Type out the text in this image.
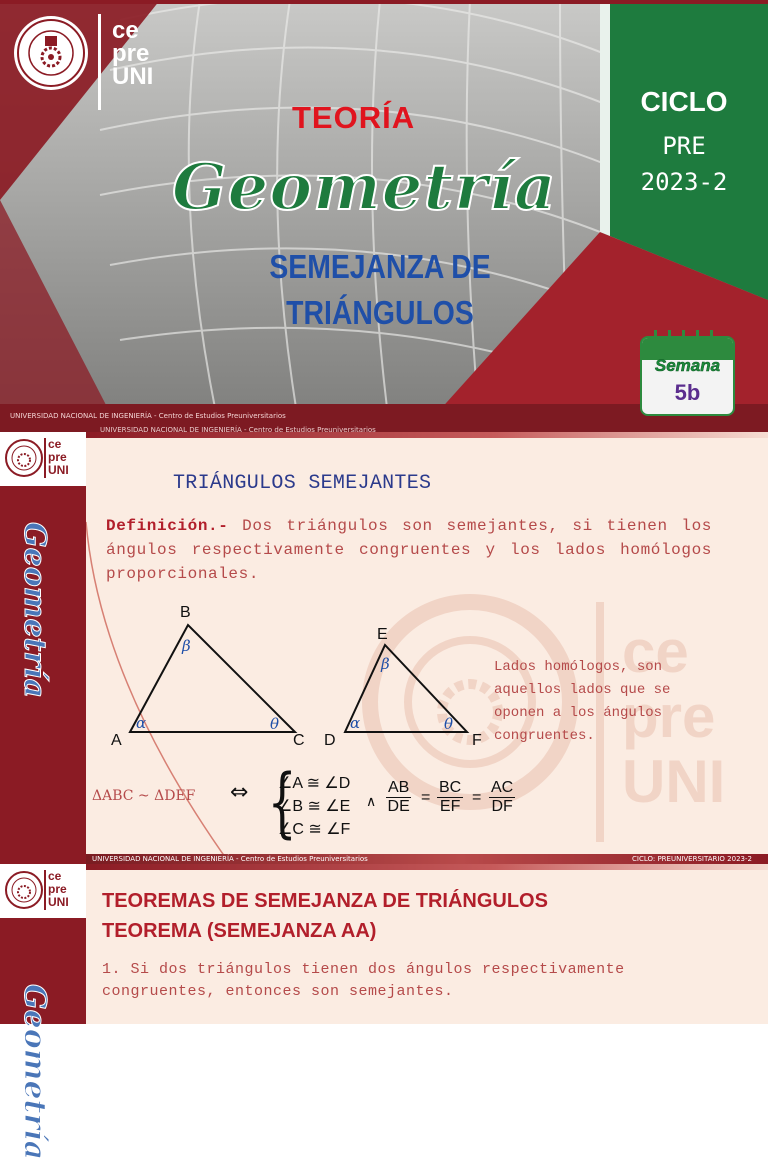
ce
pre
UNI
TEORÍA
Geometría
SEMEJANZA DE
TRIÁNGULOS
CICLO
PRE
2023-2
Semana
5b
UNIVERSIDAD NACIONAL DE INGENIERÍA - Centro de Estudios Preuniversitarios
ce
pre
UNI
ce
pre
UNI
Geometría
UNIVERSIDAD NACIONAL DE INGENIERÍA - Centro de Estudios Preuniversitarios
TRIÁNGULOS SEMEJANTES
Definición.- Dos triángulos son semejantes, si tienen los ángulos respectivamente congruentes y los lados homólogos proporcionales.
B
A	C
β
α	θ
E
D	F
β
α	θ
Lados homólogos, son aquellos lados que se oponen a los ángulos congruentes.
ΔABC ~ ΔDEF ⇔ {
∠A ≅ ∠D
∠B ≅ ∠E
∠C ≅ ∠F
∧ $\frac{AB}{DE} = \frac{BC}{EF} = \frac{AC}{DF}$
UNIVERSIDAD NACIONAL DE INGENIERÍA - Centro de Estudios Preuniversitarios	CICLO: PREUNIVERSITARIO 2023-2
ce
pre
UNI
Geometría
TEOREMAS DE SEMEJANZA DE TRIÁNGULOS
TEOREMA (SEMEJANZA AA)
1. Si dos triángulos tienen dos ángulos respectivamente congruentes, entonces son semejantes.
